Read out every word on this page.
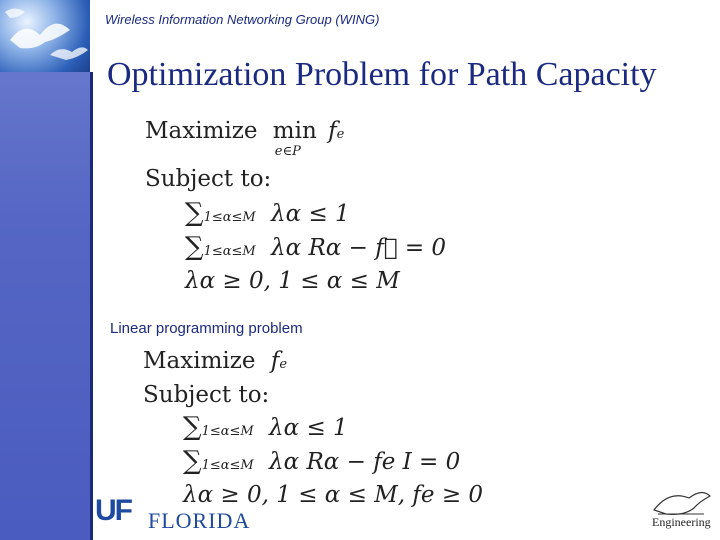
Wireless Information Networking Group (WING)
Optimization Problem for Path Capacity
Maximize min
e∈P
fe
Subject to:
∑1≤α≤M λα ≤ 1
∑1≤α≤M λα Rα − f⃗ = 0
λα ≥ 0, 1 ≤ α ≤ M
Linear programming problem
Maximize fe
Subject to:
∑1≤α≤M λα ≤ 1
∑1≤α≤M λα Rα − fe I = 0
λα ≥ 0, 1 ≤ α ≤ M, fe ≥ 0
UF FLORIDA	Engineering
